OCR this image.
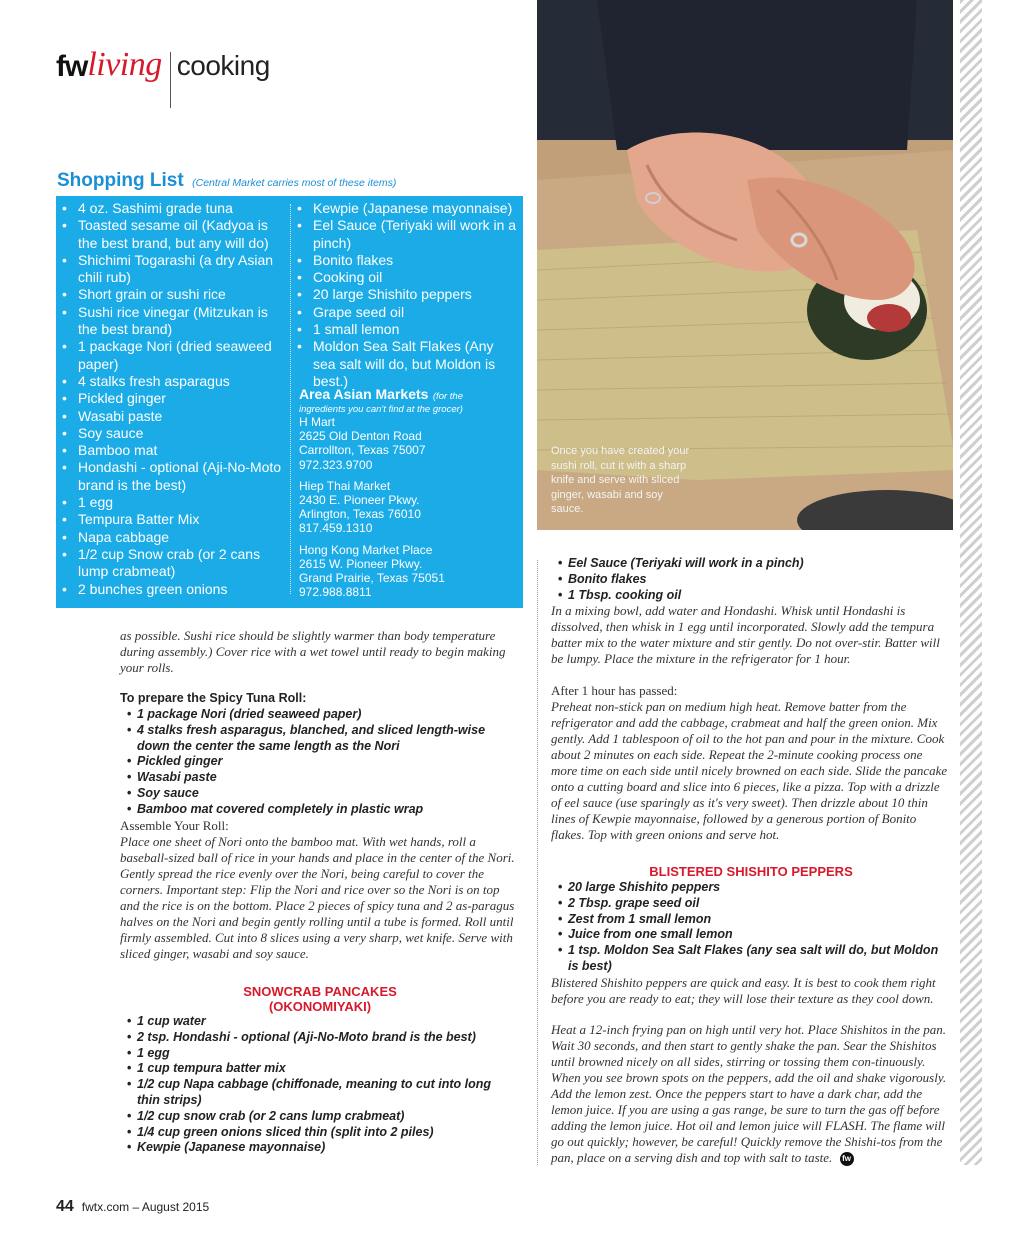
fw living cooking
Shopping List (Central Market carries most of these items)
• 4 oz. Sashimi grade tuna
• Toasted sesame oil (Kadyoa is the best brand, but any will do)
• Shichimi Togarashi (a dry Asian chili rub)
• Short grain or sushi rice
• Sushi rice vinegar (Mitzukan is the best brand)
• 1 package Nori (dried seaweed paper)
• 4 stalks fresh asparagus
• Pickled ginger
• Wasabi paste
• Soy sauce
• Bamboo mat
• Hondashi - optional (Aji-No-Moto brand is the best)
• 1 egg
• Tempura Batter Mix
• Napa cabbage
• 1/2 cup Snow crab (or 2 cans lump crabmeat)
• 2 bunches green onions
• Kewpie (Japanese mayonnaise)
• Eel Sauce (Teriyaki will work in a pinch)
• Bonito flakes
• Cooking oil
• 20 large Shishito peppers
• Grape seed oil
• 1 small lemon
• Moldon Sea Salt Flakes (Any sea salt will do, but Moldon is best.)
Area Asian Markets (for the
ingredients you can't find at the grocer)
H Mart
2625 Old Denton Road
Carrollton, Texas 75007
972.323.9700
Hiep Thai Market
2430 E. Pioneer Pkwy.
Arlington, Texas 76010
817.459.1310
Hong Kong Market Place
2615 W. Pioneer Pkwy.
Grand Prairie, Texas 75051
972.988.8811
Once you have created your sushi roll, cut it with a sharp knife and serve with sliced ginger, wasabi and soy sauce.
as possible. Sushi rice should be slightly warmer than body temperature during assembly.) Cover rice with a wet towel until ready to begin making your rolls.
To prepare the Spicy Tuna Roll:
• 1 package Nori (dried seaweed paper)
• 4 stalks fresh asparagus, blanched, and sliced length-wise down the center the same length as the Nori
• Pickled ginger
• Wasabi paste
• Soy sauce
• Bamboo mat covered completely in plastic wrap
Assemble Your Roll:
Place one sheet of Nori onto the bamboo mat. With wet hands, roll a baseball-sized ball of rice in your hands and place in the center of the Nori. Gently spread the rice evenly over the Nori, being careful to cover the corners. Important step: Flip the Nori and rice over so the Nori is on top and the rice is on the bottom. Place 2 pieces of spicy tuna and 2 as-paragus halves on the Nori and begin gently rolling until a tube is formed. Roll until firmly assembled. Cut into 8 slices using a very sharp, wet knife. Serve with sliced ginger, wasabi and soy sauce.
SNOWCRAB PANCAKES
(OKONOMIYAKI)
• 1 cup water
• 2 tsp. Hondashi - optional (Aji-No-Moto brand is the best)
• 1 egg
• 1 cup tempura batter mix
• 1/2 cup Napa cabbage (chiffonade, meaning to cut into long thin strips)
• 1/2 cup snow crab (or 2 cans lump crabmeat)
• 1/4 cup green onions sliced thin (split into 2 piles)
• Kewpie (Japanese mayonnaise)
• Eel Sauce (Teriyaki will work in a pinch)
• Bonito flakes
• 1 Tbsp. cooking oil
In a mixing bowl, add water and Hondashi. Whisk until Hondashi is dissolved, then whisk in 1 egg until incorporated. Slowly add the tempura batter mix to the water mixture and stir gently. Do not over-stir. Batter will be lumpy. Place the mixture in the refrigerator for 1 hour.
After 1 hour has passed:
Preheat non-stick pan on medium high heat. Remove batter from the refrigerator and add the cabbage, crabmeat and half the green onion. Mix gently. Add 1 tablespoon of oil to the hot pan and pour in the mixture. Cook about 2 minutes on each side. Repeat the 2-minute cooking process one more time on each side until nicely browned on each side. Slide the pancake onto a cutting board and slice into 6 pieces, like a pizza. Top with a drizzle of eel sauce (use sparingly as it's very sweet). Then drizzle about 10 thin lines of Kewpie mayonnaise, followed by a generous portion of Bonito flakes. Top with green onions and serve hot.
BLISTERED SHISHITO PEPPERS
• 20 large Shishito peppers
• 2 Tbsp. grape seed oil
• Zest from 1 small lemon
• Juice from one small lemon
• 1 tsp. Moldon Sea Salt Flakes (any sea salt will do, but Moldon is best)
Blistered Shishito peppers are quick and easy. It is best to cook them right before you are ready to eat; they will lose their texture as they cool down.
Heat a 12-inch frying pan on high until very hot. Place Shishitos in the pan. Wait 30 seconds, and then start to gently shake the pan. Sear the Shishitos until browned nicely on all sides, stirring or tossing them con-tinuously. When you see brown spots on the peppers, add the oil and shake vigorously. Add the lemon zest. Once the peppers start to have a dark char, add the lemon juice. If you are using a gas range, be sure to turn the gas off before adding the lemon juice. Hot oil and lemon juice will FLASH. The flame will go out quickly; however, be careful! Quickly remove the Shishi-tos from the pan, place on a serving dish and top with salt to taste. fw
44 fwtx.com – August 2015
